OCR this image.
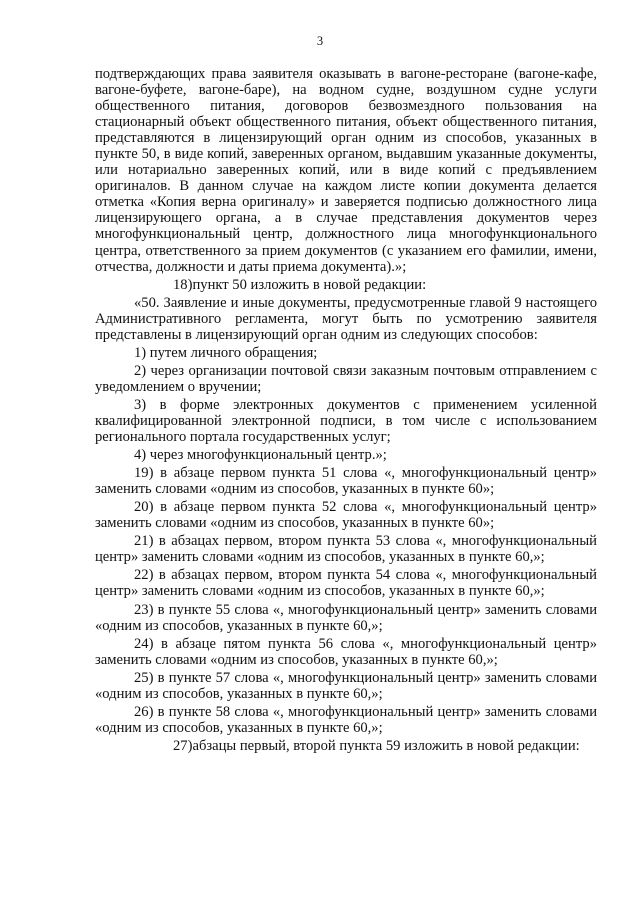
3

подтверждающих права заявителя оказывать в вагоне-ресторане (вагоне-кафе, вагоне-буфете, вагоне-баре), на водном судне, воздушном судне услуги общественного питания, договоров безвозмездного пользования на стационарный объект общественного питания, объект общественного питания, представляются в лицензирующий орган одним из способов, указанных в пункте 50, в виде копий, заверенных органом, выдавшим указанные документы, или нотариально заверенных копий, или в виде копий с предъявлением оригиналов. В данном случае на каждом листе копии документа делается отметка «Копия верна оригиналу» и заверяется подписью должностного лица лицензирующего органа, а в случае представления документов через многофункциональный центр, должностного лица многофункционального центра, ответственного за прием документов (с указанием его фамилии, имени, отчества, должности и даты приема документа).»;

18)пункт 50 изложить в новой редакции:

«50. Заявление и иные документы, предусмотренные главой 9 настоящего Административного регламента, могут быть по усмотрению заявителя представлены в лицензирующий орган одним из следующих способов:

1) путем личного обращения;

2) через организации почтовой связи заказным почтовым отправлением с уведомлением о вручении;

3) в форме электронных документов с применением усиленной квалифицированной электронной подписи, в том числе с использованием регионального портала государственных услуг;

4) через многофункциональный центр.»;

19) в абзаце первом пункта 51 слова «, многофункциональный центр» заменить словами «одним из способов, указанных в пункте 60»;

20) в абзаце первом пункта 52 слова «, многофункциональный центр» заменить словами «одним из способов, указанных в пункте 60»;

21) в абзацах первом, втором пункта 53 слова «, многофункциональный центр» заменить словами «одним из способов, указанных в пункте 60,»;

22) в абзацах первом, втором пункта 54 слова «, многофункциональный центр» заменить словами «одним из способов, указанных в пункте 60,»;

23) в пункте 55 слова «, многофункциональный центр» заменить словами «одним из способов, указанных в пункте 60,»;

24) в абзаце пятом пункта 56 слова «, многофункциональный центр» заменить словами «одним из способов, указанных в пункте 60,»;

25) в пункте 57 слова «, многофункциональный центр» заменить словами «одним из способов, указанных в пункте 60,»;

26) в пункте 58 слова «, многофункциональный центр» заменить словами «одним из способов, указанных в пункте 60,»;

27)абзацы первый, второй пункта 59 изложить в новой редакции:
